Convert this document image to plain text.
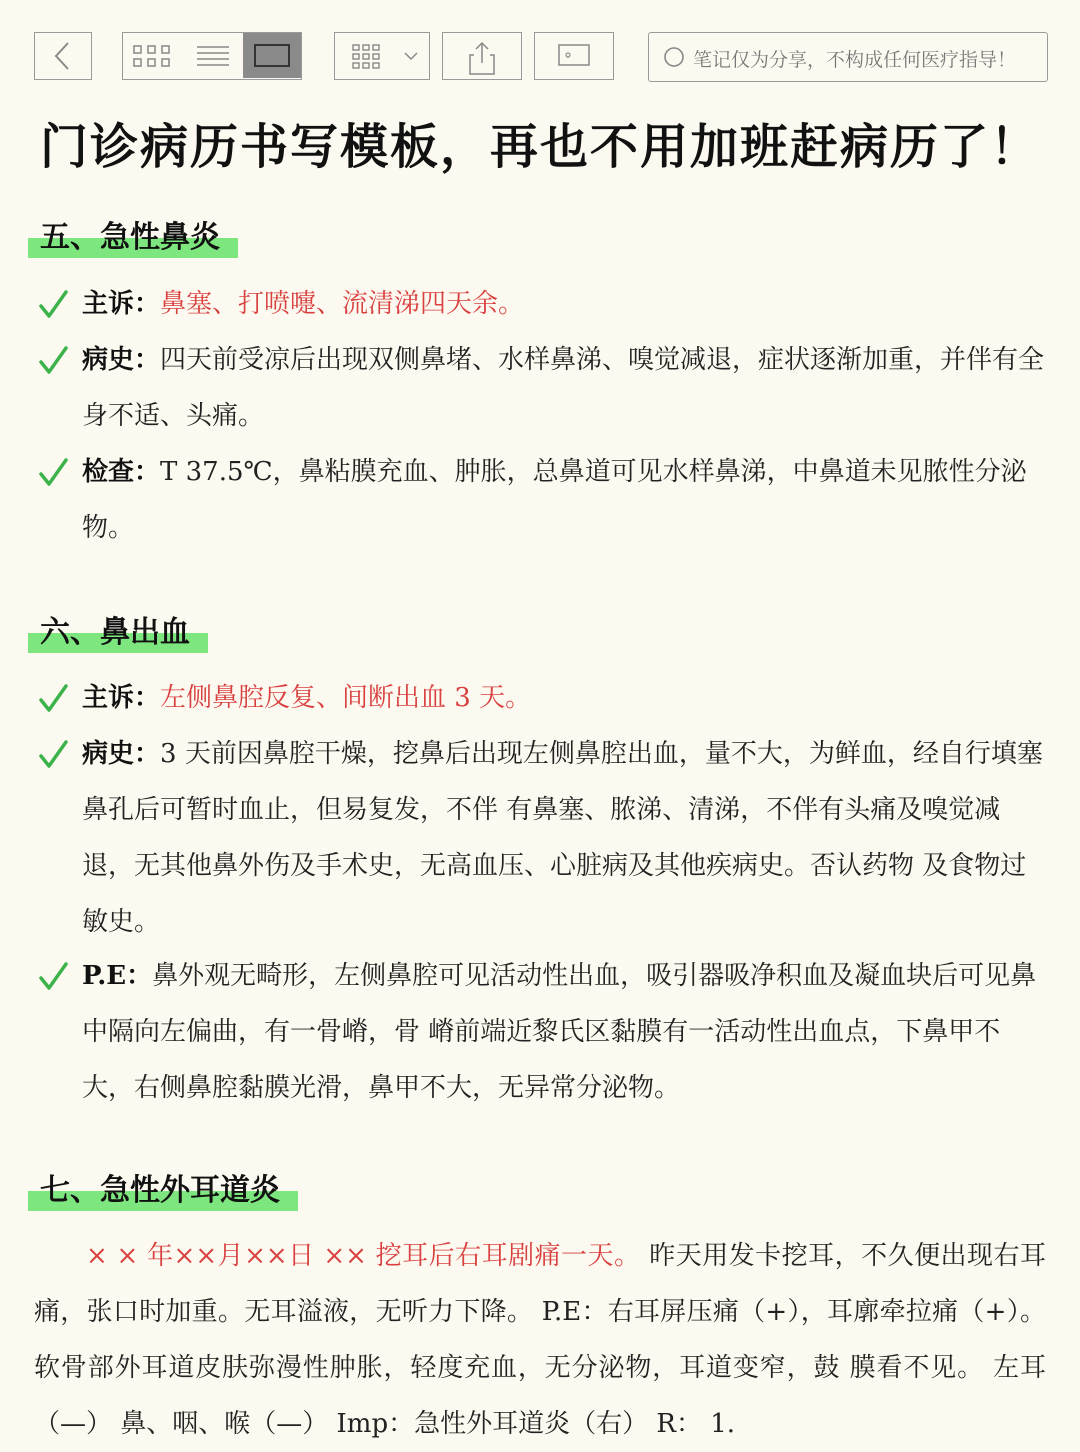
笔记仅为分享，不构成任何医疗指导！
门诊病历书写模板，再也不用加班赶病历了！
五、急性鼻炎
主诉：鼻塞、打喷嚏、流清涕四天余。
病史：四天前受凉后出现双侧鼻堵、水样鼻涕、嗅觉减退，症状逐渐加重，并伴有全身不适、头痛。
检查：T 37.5℃，鼻粘膜充血、肿胀，总鼻道可见水样鼻涕，中鼻道未见脓性分泌物。
六、鼻出血
主诉：左侧鼻腔反复、间断出血 3 天。
病史：3 天前因鼻腔干燥，挖鼻后出现左侧鼻腔出血，量不大，为鲜血，经自行填塞鼻孔后可暂时血止，但易复发，不伴 有鼻塞、脓涕、清涕，不伴有头痛及嗅觉减退，无其他鼻外伤及手术史，无高血压、心脏病及其他疾病史。否认药物 及食物过敏史。
P.E：鼻外观无畸形，左侧鼻腔可见活动性出血，吸引器吸净积血及凝血块后可见鼻中隔向左偏曲，有一骨嵴，骨 嵴前端近黎氏区黏膜有一活动性出血点，下鼻甲不大，右侧鼻腔黏膜光滑，鼻甲不大，无异常分泌物。
七、急性外耳道炎
× × 年××月××日 ×× 挖耳后右耳剧痛一天。 昨天用发卡挖耳，不久便出现右耳痛，张口时加重。无耳溢液，无听力下降。 P.E：右耳屏压痛（+），耳廓牵拉痛（+）。软骨部外耳道皮肤弥漫性肿胀，轻度充血，无分泌物，耳道变窄，鼓 膜看不见。 左耳（—） 鼻、咽、喉（—） Imp：急性外耳道炎（右） R： 1.
